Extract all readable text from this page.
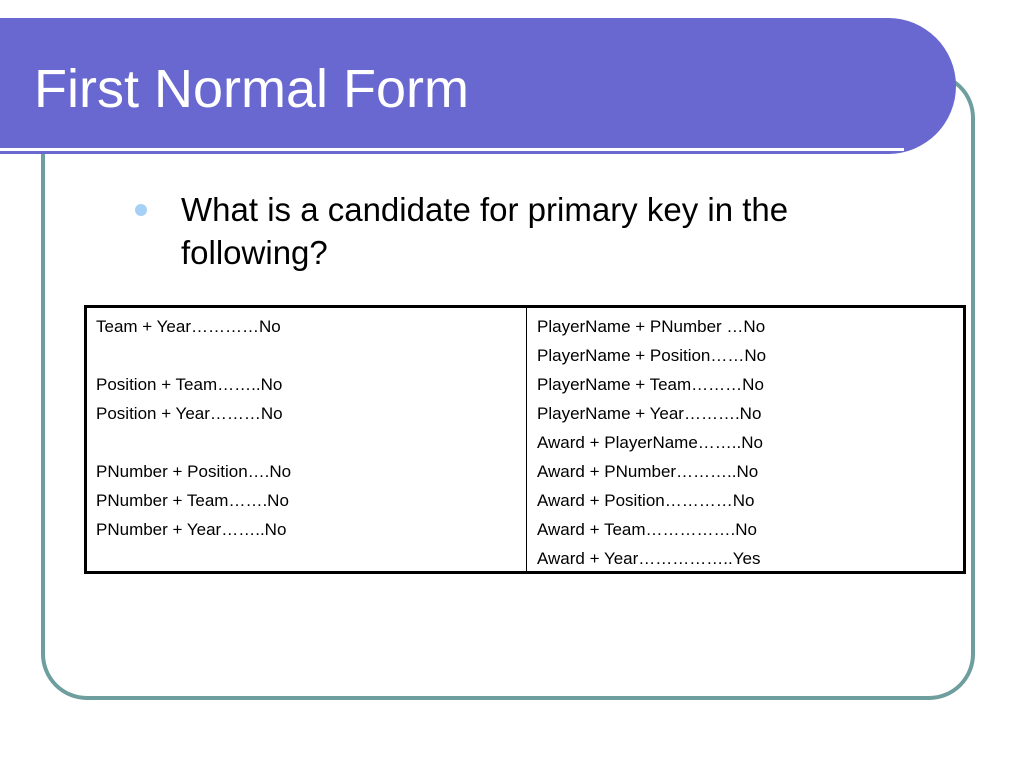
First Normal Form
What is a candidate for primary key in the following?
Team + Year…………No
Position + Team……..No
Position + Year………No
PNumber + Position….No
PNumber + Team…….No
PNumber + Year……..No
PlayerName + PNumber …No
PlayerName + Position……No
PlayerName + Team………No
PlayerName + Year……….No
Award + PlayerName……..No
Award + PNumber………..No
Award + Position…………No
Award + Team…………….No
Award + Year……………..Yes
